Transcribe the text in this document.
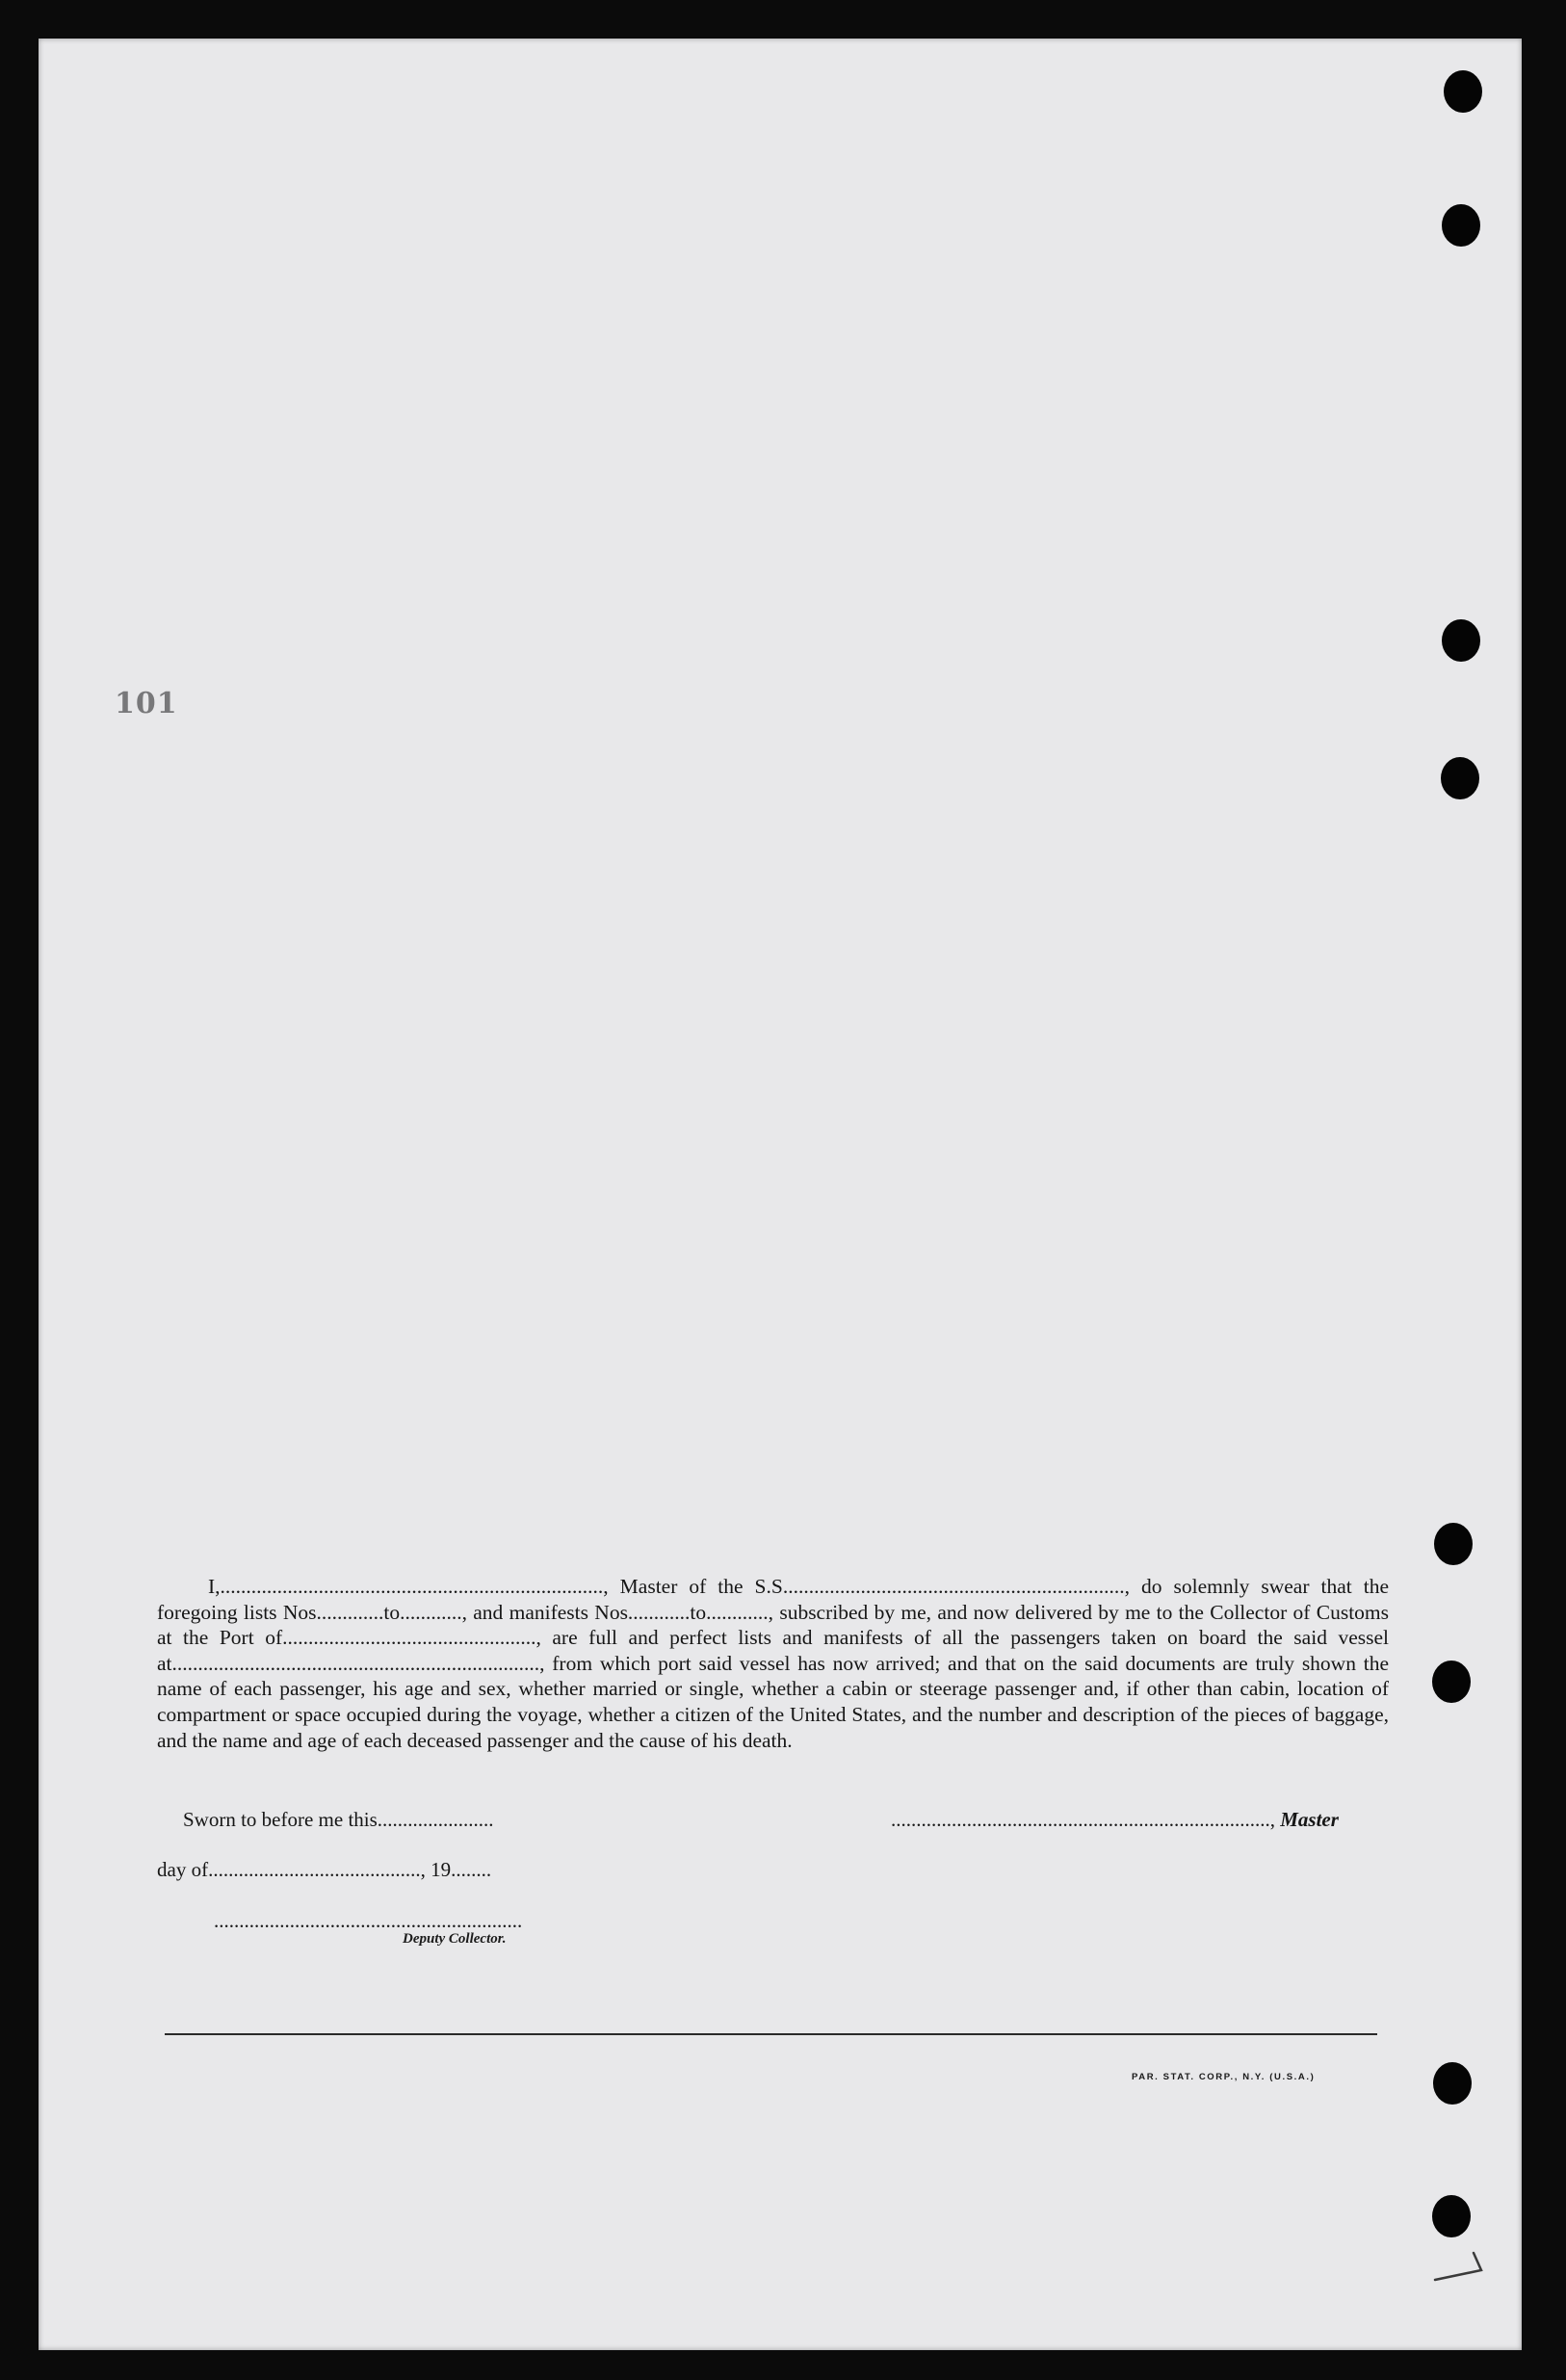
101
I,.........................................................................., Master of the S.S.................................................................., do solemnly swear that the foregoing lists Nos.............to............, and manifests Nos............to............, subscribed by me, and now delivered by me to the Collector of Customs at the Port of................................................., are full and perfect lists and manifests of all the passengers taken on board the said vessel at......................................................................., from which port said vessel has now arrived; and that on the said documents are truly shown the name of each passenger, his age and sex, whether married or single, whether a cabin or steerage passenger and, if other than cabin, location of compartment or space occupied during the voyage, whether a citizen of the United States, and the number and description of the pieces of baggage, and the name and age of each deceased passenger and the cause of his death.
Sworn to before me this.......................	..........................................................................., Master
day of.........................................., 19........
.............................................................
Deputy Collector.
PAR. STAT. CORP., N.Y. (U.S.A.)
